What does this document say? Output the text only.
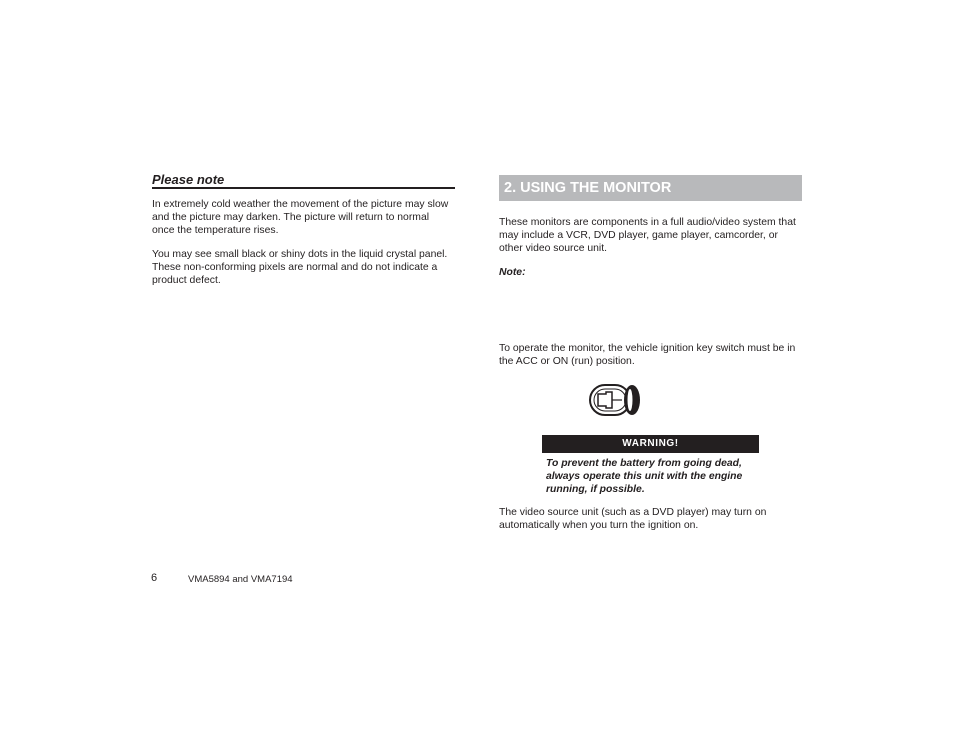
Please note
In extremely cold weather the movement of the picture may slow and the picture may darken. The picture will return to normal once the temperature rises.
You may see small black or shiny dots in the liquid crystal panel. These non-conforming pixels are normal and do not indicate a product defect.
2. USING THE MONITOR
These monitors are components in a full audio/video system that may include a VCR, DVD player, game player, camcorder, or other video source unit.
Note:
To operate the monitor, the vehicle ignition key switch must be in the ACC or ON (run) position.
WARNING!
To prevent the battery from going dead, always operate this unit with the engine running, if possible.
The video source unit (such as a DVD player) may turn on automatically when you turn the ignition on.
6	VMA5894 and VMA7194
